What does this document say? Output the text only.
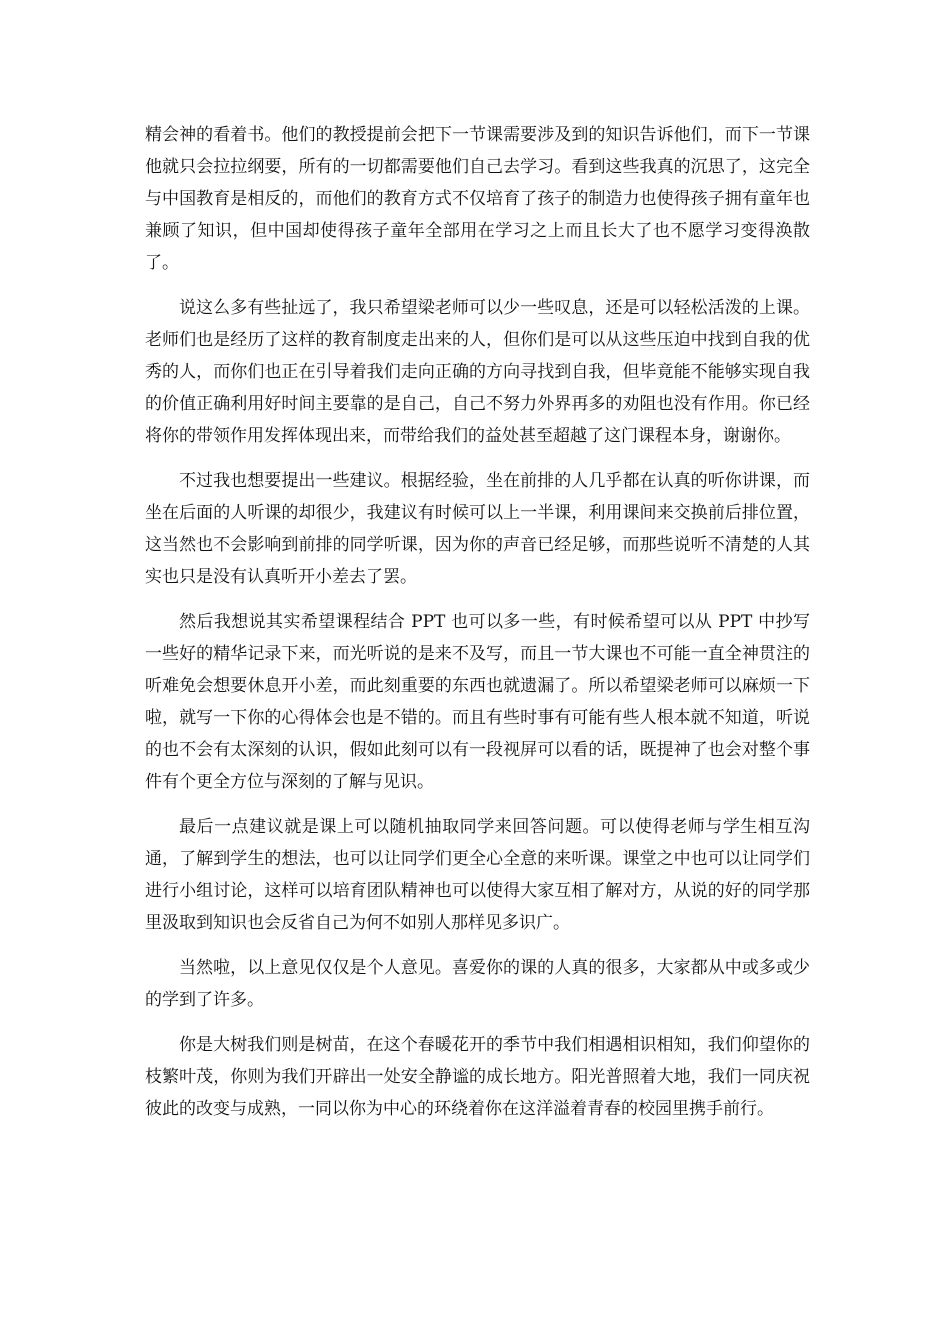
精会神的看着书。他们的教授提前会把下一节课需要涉及到的知识告诉他们，而下一节课他就只会拉拉纲要，所有的一切都需要他们自己去学习。看到这些我真的沉思了，这完全与中国教育是相反的，而他们的教育方式不仅培育了孩子的制造力也使得孩子拥有童年也兼顾了知识，但中国却使得孩子童年全部用在学习之上而且长大了也不愿学习变得涣散了。

说这么多有些扯远了，我只希望梁老师可以少一些叹息，还是可以轻松活泼的上课。老师们也是经历了这样的教育制度走出来的人，但你们是可以从这些压迫中找到自我的优秀的人，而你们也正在引导着我们走向正确的方向寻找到自我，但毕竟能不能够实现自我的价值正确利用好时间主要靠的是自己，自己不努力外界再多的劝阻也没有作用。你已经将你的带领作用发挥体现出来，而带给我们的益处甚至超越了这门课程本身，谢谢你。

不过我也想要提出一些建议。根据经验，坐在前排的人几乎都在认真的听你讲课，而坐在后面的人听课的却很少，我建议有时候可以上一半课，利用课间来交换前后排位置，这当然也不会影响到前排的同学听课，因为你的声音已经足够，而那些说听不清楚的人其实也只是没有认真听开小差去了罢。

然后我想说其实希望课程结合 PPT 也可以多一些，有时候希望可以从 PPT 中抄写一些好的精华记录下来，而光听说的是来不及写，而且一节大课也不可能一直全神贯注的听难免会想要休息开小差，而此刻重要的东西也就遗漏了。所以希望梁老师可以麻烦一下啦，就写一下你的心得体会也是不错的。而且有些时事有可能有些人根本就不知道，听说的也不会有太深刻的认识，假如此刻可以有一段视屏可以看的话，既提神了也会对整个事件有个更全方位与深刻的了解与见识。

最后一点建议就是课上可以随机抽取同学来回答问题。可以使得老师与学生相互沟通，了解到学生的想法，也可以让同学们更全心全意的来听课。课堂之中也可以让同学们进行小组讨论，这样可以培育团队精神也可以使得大家互相了解对方，从说的好的同学那里汲取到知识也会反省自己为何不如别人那样见多识广。

当然啦，以上意见仅仅是个人意见。喜爱你的课的人真的很多，大家都从中或多或少的学到了许多。

你是大树我们则是树苗，在这个春暖花开的季节中我们相遇相识相知，我们仰望你的枝繁叶茂，你则为我们开辟出一处安全静谧的成长地方。阳光普照着大地，我们一同庆祝彼此的改变与成熟，一同以你为中心的环绕着你在这洋溢着青春的校园里携手前行。
